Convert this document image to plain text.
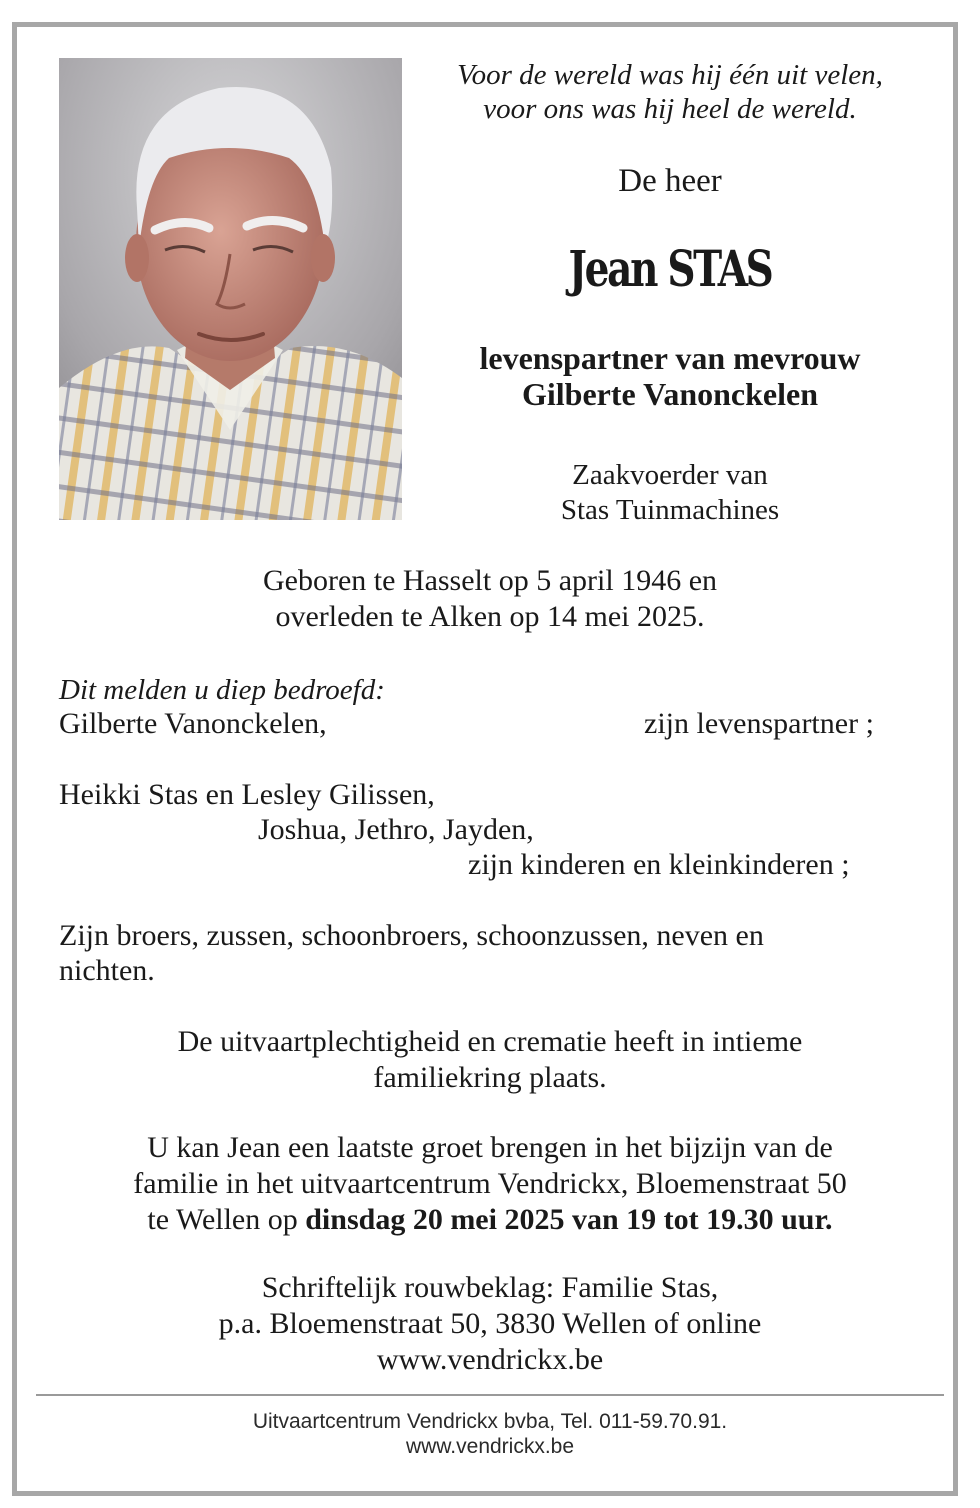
Voor de wereld was hij één uit velen,
voor ons was hij heel de wereld.
De heer
Jean STAS
levenspartner van mevrouw
Gilberte Vanonckelen
Zaakvoerder van
Stas Tuinmachines
Geboren te Hasselt op 5 april 1946 en
overleden te Alken op 14 mei 2025.
Dit melden u diep bedroefd:
Gilberte Vanonckelen,	zijn levenspartner ;
Heikki Stas en Lesley Gilissen,
Joshua, Jethro, Jayden,
zijn kinderen en kleinkinderen ;
Zijn broers, zussen, schoonbroers, schoonzussen, neven en
nichten.
De uitvaartplechtigheid en crematie heeft in intieme
familiekring plaats.
U kan Jean een laatste groet brengen in het bijzijn van de
familie in het uitvaartcentrum Vendrickx, Bloemenstraat 50
te Wellen op dinsdag 20 mei 2025 van 19 tot 19.30 uur.
Schriftelijk rouwbeklag: Familie Stas,
p.a. Bloemenstraat 50, 3830 Wellen of online
www.vendrickx.be
Uitvaartcentrum Vendrickx bvba, Tel. 011-59.70.91.
www.vendrickx.be
